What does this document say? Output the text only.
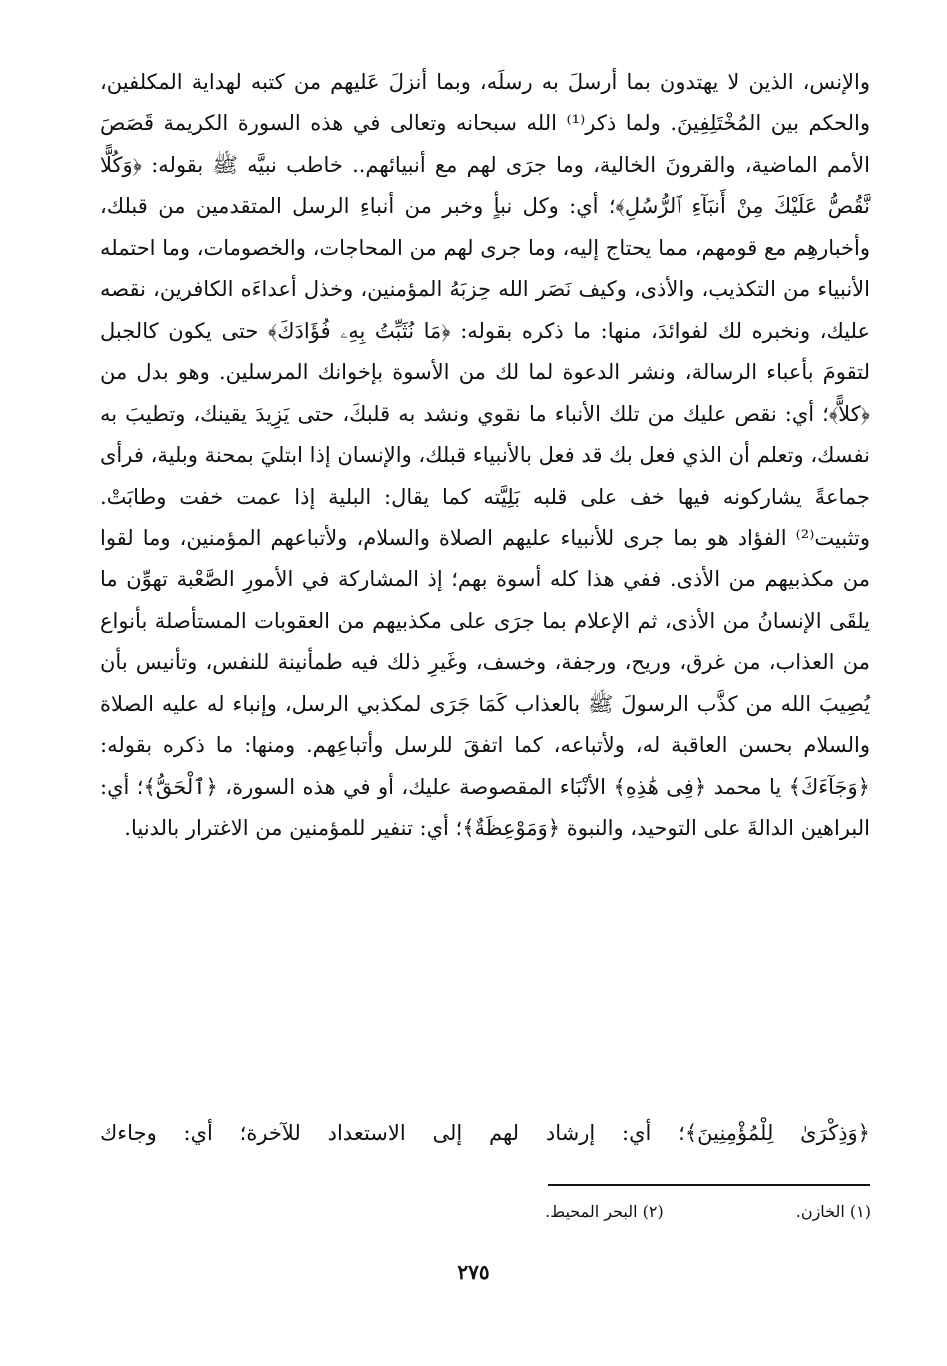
والإنس، الذين لا يهتدون بما أرسلَ به رسلَه، وبما أنزلَ عَليهم من كتبه لهداية المكلفين، والحكم بين المُخْتَلِفِينَ. ولما ذكر⁽¹⁾ الله سبحانه وتعالى في هذه السورة الكريمة قَصَصَ الأمم الماضية، والقرونَ الخالية، وما جرَى لهم مع أنبيائهم.. خاطب نبيَّه ﷺ بقوله: ﴿وَكُلًّا نَّقُصُّ عَلَيْكَ مِنْ أَنبَآءِ ٱلرُّسُلِ﴾؛ أي: وكل نبأٍ وخبر من أنباءِ الرسل المتقدمين من قبلك، وأخبارهِم مع قومهم، مما يحتاج إليه، وما جرى لهم من المحاجات، والخصومات، وما احتمله الأنبياء من التكذيب، والأذى، وكيف نَصَر الله حِزبَهُ المؤمنين، وخذل أعداءَه الكافرين، نقصه عليك، ونخبره لك لفوائدَ، منها: ما ذكره بقوله: ﴿مَا نُثَبِّتُ بِهِۦ فُؤَادَكَ﴾ حتى يكون كالجبل لتقومَ بأعباء الرسالة، ونشر الدعوة لما لك من الأسوة بإخوانك المرسلين. وهو بدل من ﴿كلاًّ﴾؛ أي: نقص عليك من تلك الأنباء ما نقوي ونشد به قلبكَ، حتى يَزِيدَ يقينك، وتطيبَ به نفسك، وتعلم أن الذي فعل بك قد فعل بالأنبياء قبلك، والإنسان إذا ابتليَ بمحنة وبلية، فرأى جماعةً يشاركونه فيها خف على قلبه بَلِيَّته كما يقال: البلية إذا عمت خفت وطابَتْ. وتثبيت⁽²⁾ الفؤاد هو بما جرى للأنبياء عليهم الصلاة والسلام، ولأتباعهم المؤمنين، وما لقوا من مكذبيهم من الأذى. ففي هذا كله أسوة بهم؛ إذ المشاركة في الأمورِ الصَّعْبة تهوِّن ما يلقَى الإنسانُ من الأذى، ثم الإعلام بما جرَى على مكذبيهم من العقوبات المستأصلة بأنواع من العذاب، من غرق، وريح، ورجفة، وخسف، وغَيرِ ذلك فيه طمأنينة للنفس، وتأنيس بأن يُصِيبَ الله من كذَّب الرسولَ ﷺ بالعذاب كَمَا جَرَى لمكذبي الرسل، وإنباء له عليه الصلاة والسلام بحسن العاقبة له، ولأتباعه، كما اتفقَ للرسل وأتباعِهم. ومنها: ما ذكره بقوله: ﴿وَجَآءَكَ﴾ يا محمد ﴿فِى هَٰذِهِ﴾ الأنْبَاء المقصوصة عليك، أو في هذه السورة، ﴿ٱلْحَقُّ﴾؛ أي: البراهين الدالةَ على التوحيد، والنبوة ﴿وَمَوْعِظَةٌ﴾؛ أي: تنفير للمؤمنين من الاغترار بالدنيا.

﴿وَذِكْرَىٰ لِلْمُؤْمِنِينَ﴾؛ أي: إرشاد لهم إلى الاستعداد للآخرة؛ أي: وجاءك
(١) الخازن.
(٢) البحر المحيط.
٢٧٥
